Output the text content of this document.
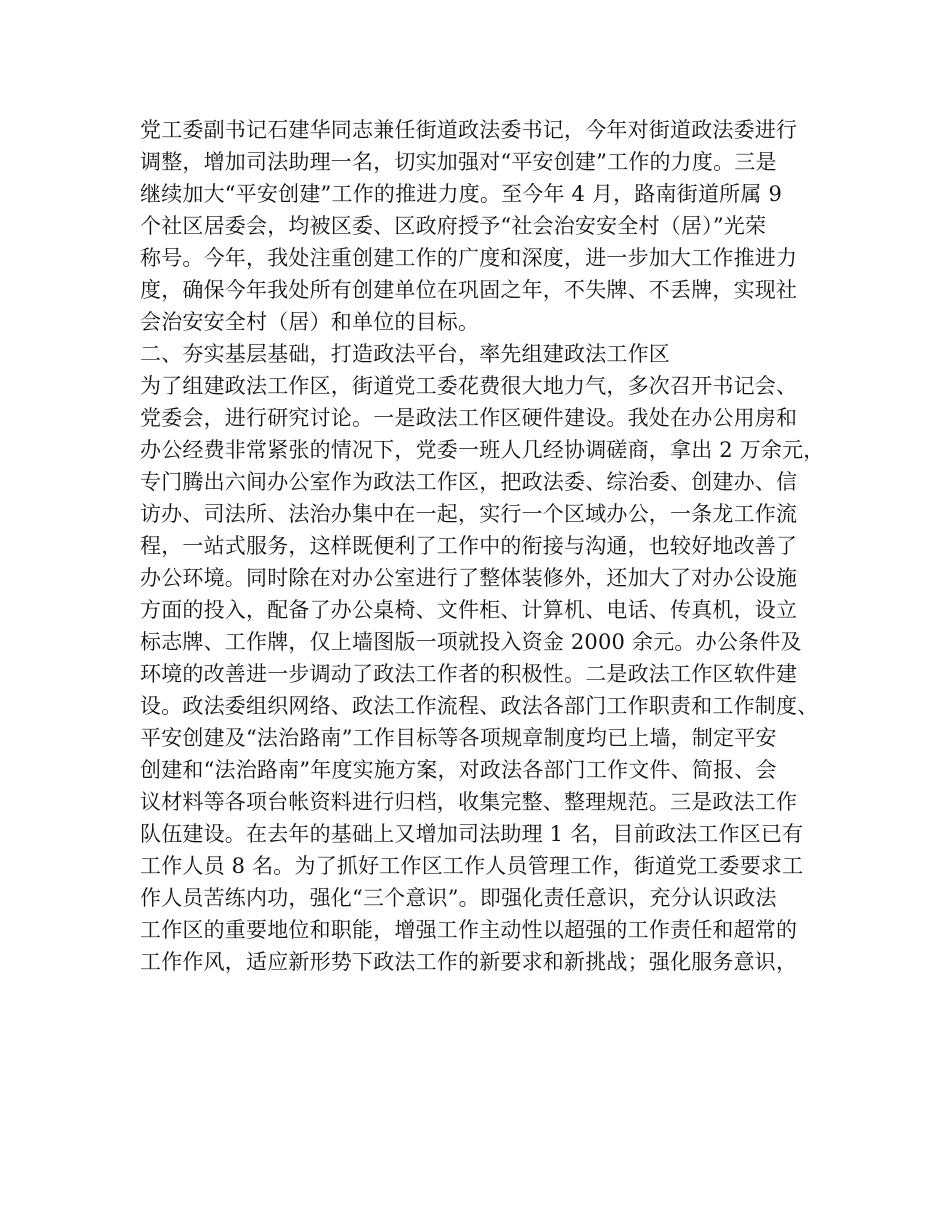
党工委副书记石建华同志兼任街道政法委书记，今年对街道政法委进行
调整，增加司法助理一名，切实加强对“平安创建”工作的力度。三是
继续加大“平安创建”工作的推进力度。至今年 4 月，路南街道所属 9
个社区居委会，均被区委、区政府授予“社会治安安全村（居）”光荣
称号。今年，我处注重创建工作的广度和深度，进一步加大工作推进力
度，确保今年我处所有创建单位在巩固之年，不失牌、不丢牌，实现社
会治安安全村（居）和单位的目标。
二、夯实基层基础，打造政法平台，率先组建政法工作区
为了组建政法工作区，街道党工委花费很大地力气，多次召开书记会、
党委会，进行研究讨论。一是政法工作区硬件建设。我处在办公用房和
办公经费非常紧张的情况下，党委一班人几经协调磋商，拿出 2 万余元，
专门腾出六间办公室作为政法工作区，把政法委、综治委、创建办、信
访办、司法所、法治办集中在一起，实行一个区域办公，一条龙工作流
程，一站式服务，这样既便利了工作中的衔接与沟通，也较好地改善了
办公环境。同时除在对办公室进行了整体装修外，还加大了对办公设施
方面的投入，配备了办公桌椅、文件柜、计算机、电话、传真机，设立
标志牌、工作牌，仅上墙图版一项就投入资金 2000 余元。办公条件及
环境的改善进一步调动了政法工作者的积极性。二是政法工作区软件建
设。政法委组织网络、政法工作流程、政法各部门工作职责和工作制度、
平安创建及“法治路南”工作目标等各项规章制度均已上墙，制定平安
创建和“法治路南”年度实施方案，对政法各部门工作文件、简报、会
议材料等各项台帐资料进行归档，收集完整、整理规范。三是政法工作
队伍建设。在去年的基础上又增加司法助理 1 名，目前政法工作区已有
工作人员 8 名。为了抓好工作区工作人员管理工作，街道党工委要求工
作人员苦练内功，强化“三个意识”。即强化责任意识，充分认识政法
工作区的重要地位和职能，增强工作主动性以超强的工作责任和超常的
工作作风，适应新形势下政法工作的新要求和新挑战；强化服务意识，
